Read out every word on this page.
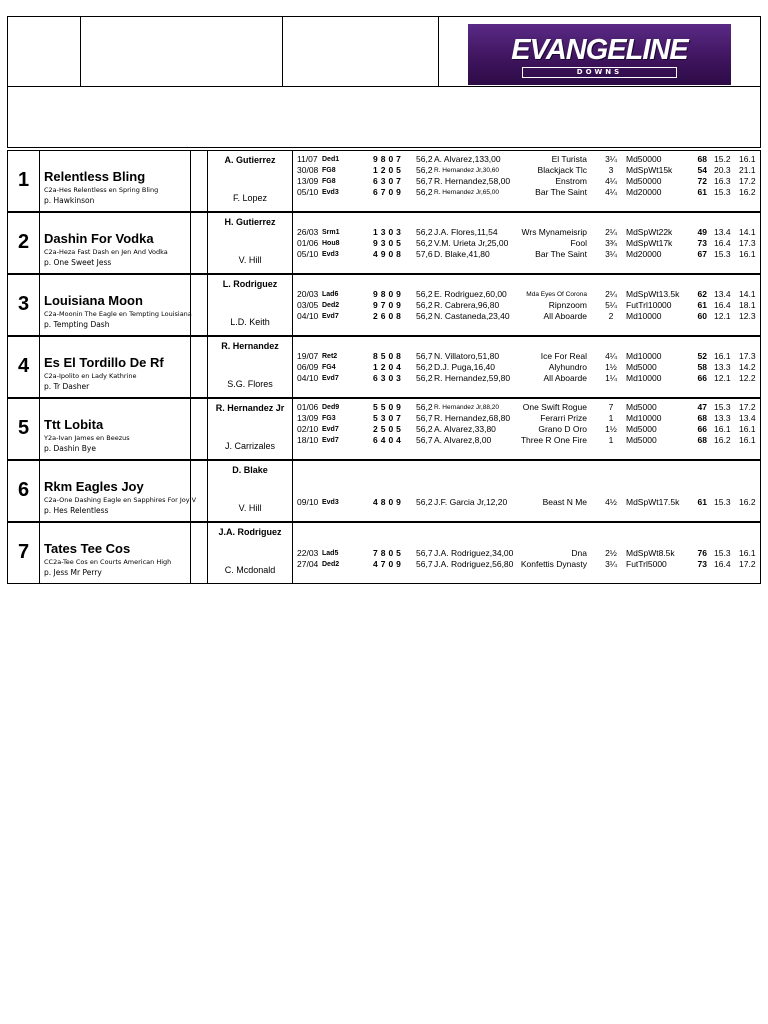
EVANGELINE
DOWNS
1	Relentless Bling
C2a-Hes Relentless en Spring Bling
p. Hawkinson
A. Gutierrez
F. Lopez
11/07 Ded1	9807 56,2 A. Alvarez,133,00	El Turista	3¼	Md50000	68 15.2 16.1
30/08 FG8	1205 56,2 R. Hernandez Jr,30,60	Blackjack Tlc	3	MdSpWt15k	54 20.3 21.1
13/09 FG8	6307 56,7 R. Hernandez,58,00	Enstrom	4¼	Md50000	72 16.3 17.2
05/10 Evd3	6709 56,2 R. Hernandez Jr,65,00	Bar The Saint	4¼	Md20000	61 15.3 16.2
2	Dashin For Vodka
C2a-Heza Fast Dash en Jen And Vodka
p. One Sweet Jess
H. Gutierrez
V. Hill
26/03 Srm1	1303 56,2 J.A. Flores,11,54	Wrs Mynameisrip	2¼	MdSpWt22k	49 13.4 14.1
01/06 Hou8	9305 56,2 V.M. Urieta Jr,25,00	Fool	3¾	MdSpWt17k	73 16.4 17.3
05/10 Evd3	4908 57,6 D. Blake,41,80	Bar The Saint	3¼	Md20000	67 15.3 16.1
3	Louisiana Moon
C2a-Moonin The Eagle en Tempting Louisiana
p. Tempting Dash
L. Rodriguez
L.D. Keith
20/03 Lad6	9809 56,2 E. Rodriguez,60,00	Mda Eyes Of Corona	2¼	MdSpWt13.5k	62 13.4 14.1
03/05 Ded2	9709 56,2 R. Cabrera,96,80	Ripnzoom	5¼	FutTrl10000	61 16.4 18.1
04/10 Evd7	2608 56,2 N. Castaneda,23,40	All Aboarde	2	Md10000	60 12.1 12.3
4	Es El Tordillo De Rf
C2a-Ipolito en Lady Kathrine
p. Tr Dasher
R. Hernandez
S.G. Flores
19/07 Ret2	8508 56,7 N. Villatoro,51,80	Ice For Real	4¼	Md10000	52 16.1 17.3
06/09 FG4	1204 56,2 D.J. Puga,16,40	Alyhundro	1½	Md5000	58 13.3 14.2
04/10 Evd7	6303 56,2 R. Hernandez,59,80	All Aboarde	1¼	Md10000	66 12.1 12.2
5	Ttt Lobita
Y2a-Ivan James en Beezus
p. Dashin Bye
R. Hernandez Jr
J. Carrizales
01/06 Ded9	5509 56,2 R. Hernandez Jr,88,20	One Swift Rogue	7	Md5000	47 15.3 17.2
13/09 FG3	5307 56,7 R. Hernandez,68,80	Ferarri Prize	1	Md10000	68 13.3 13.4
02/10 Evd7	2505 56,2 A. Alvarez,33,80	Grano D Oro	1½	Md5000	66 16.1 16.1
18/10 Evd7	6404 56,7 A. Alvarez,8,00	Three R One Fire	1	Md5000	68 16.2 16.1
6	Rkm Eagles Joy
C2a-One Dashing Eagle en Sapphires For Joy V
p. Hes Relentless
D. Blake
V. Hill
09/10 Evd3	4809 56,2 J.F. Garcia Jr,12,20	Beast N Me	4½	MdSpWt17.5k	61 15.3 16.2
7	Tates Tee Cos
CC2a-Tee Cos en Courts American High
p. Jess Mr Perry
J.A. Rodriguez
C. Mcdonald
22/03 Lad5	7805 56,7 J.A. Rodriguez,34,00	Dna	2½	MdSpWt8.5k	76 15.3 16.1
27/04 Ded2	4709 56,7 J.A. Rodriguez,56,80 Konfettis Dynasty	3¼	FutTrl5000	73 16.4 17.2
